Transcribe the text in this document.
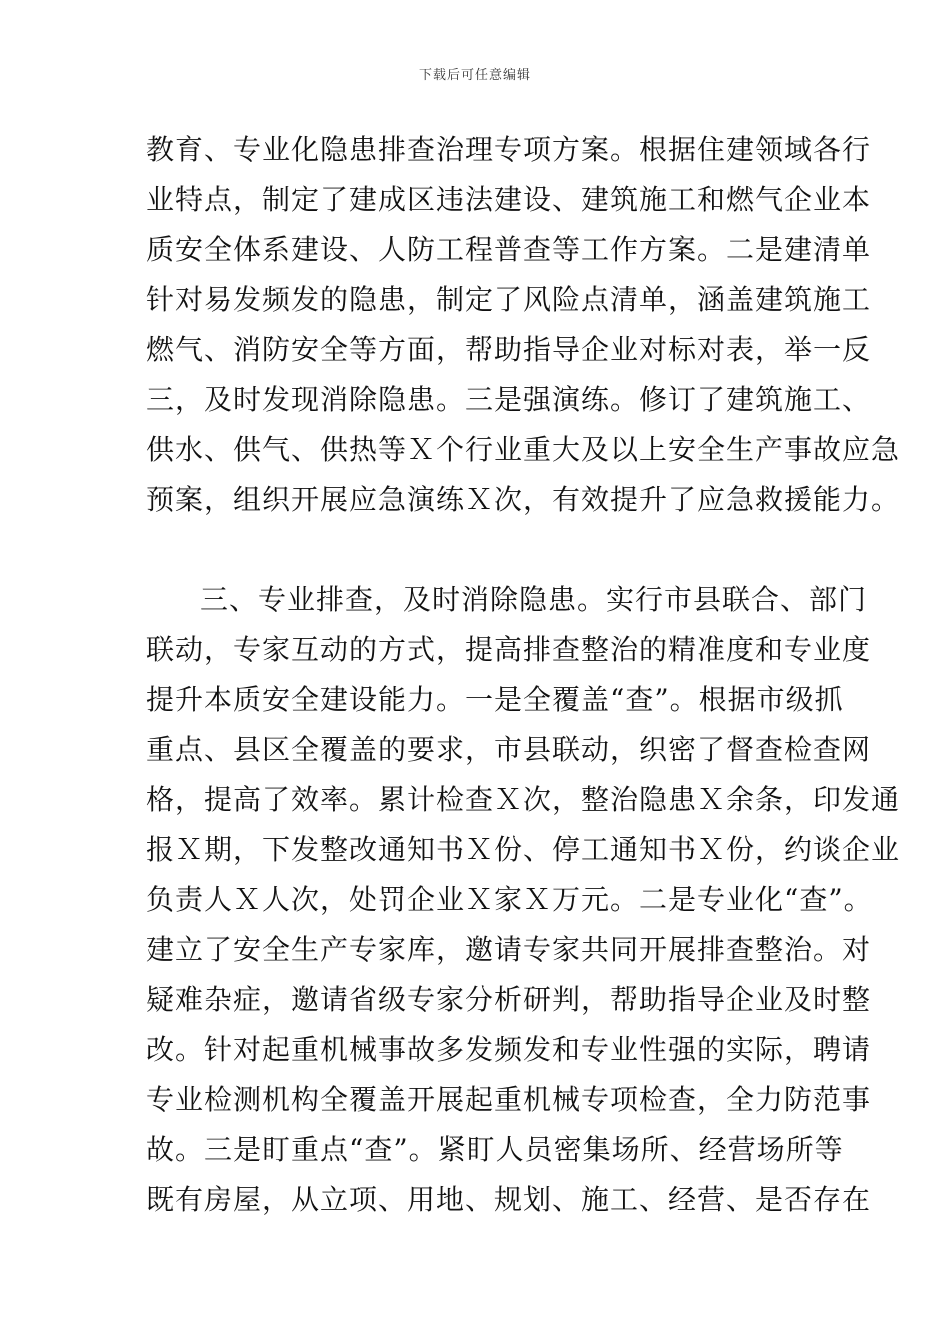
下载后可任意编辑
教育、专业化隐患排查治理专项方案。根据住建领域各行
业特点，制定了建成区违法建设、建筑施工和燃气企业本
质安全体系建设、人防工程普查等工作方案。二是建清单
针对易发频发的隐患，制定了风险点清单，涵盖建筑施工
燃气、消防安全等方面，帮助指导企业对标对表，举一反
三，及时发现消除隐患。三是强演练。修订了建筑施工、
供水、供气、供热等Ｘ个行业重大及以上安全生产事故应急
预案，组织开展应急演练Ｘ次，有效提升了应急救援能力。
三、专业排查，及时消除隐患。实行市县联合、部门
联动，专家互动的方式，提高排查整治的精准度和专业度
提升本质安全建设能力。一是全覆盖“查”。根据市级抓
重点、县区全覆盖的要求，市县联动，织密了督查检查网
格，提高了效率。累计检查Ｘ次，整治隐患Ｘ余条，印发通
报Ｘ期，下发整改通知书Ｘ份、停工通知书Ｘ份，约谈企业
负责人Ｘ人次，处罚企业Ｘ家Ｘ万元。二是专业化“查”。
建立了安全生产专家库，邀请专家共同开展排查整治。对
疑难杂症，邀请省级专家分析研判，帮助指导企业及时整
改。针对起重机械事故多发频发和专业性强的实际，聘请
专业检测机构全覆盖开展起重机械专项检查，全力防范事
故。三是盯重点“查”。紧盯人员密集场所、经营场所等
既有房屋，从立项、用地、规划、施工、经营、是否存在
